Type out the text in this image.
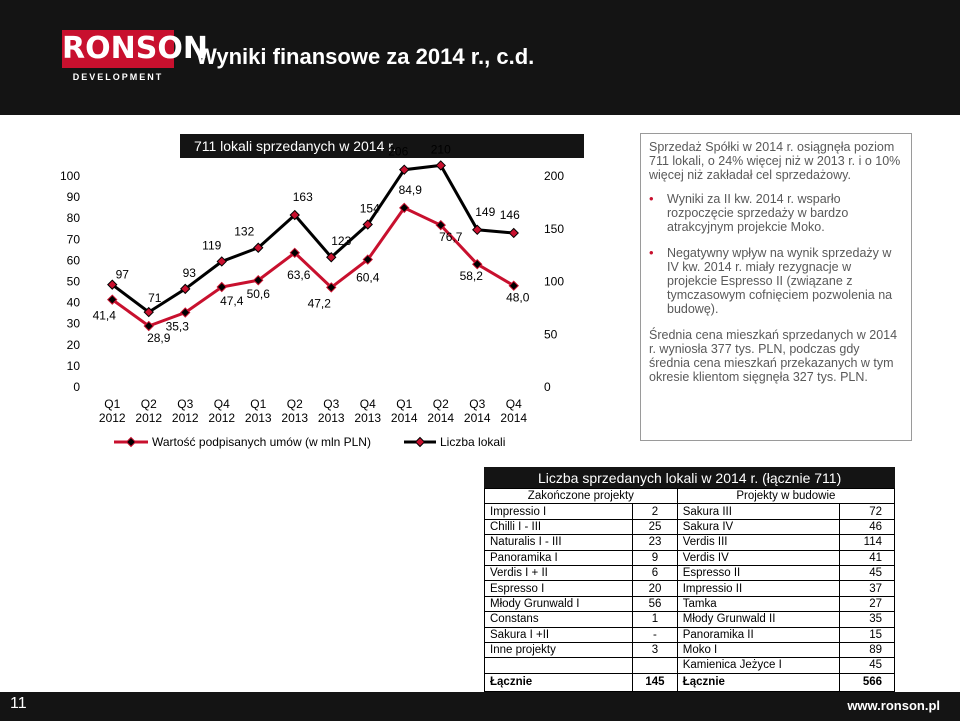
RONSON
DEVELOPMENT
Wyniki finansowe za 2014 r., c.d.
711 lokali sprzedanych w 2014 r.
0
10
20
30
40
50
60
70
80
90
100
0
50
100
150
200
Q1
2012
Q2
2012
Q3
2012
Q4
2012
Q1
2013
Q2
2013
Q3
2013
Q4
2013
Q1
2014
Q2
2014
Q3
2014
Q4
2014
41,4
28,9
35,3
47,4 50,6
63,6
47,2
60,4
84,9
76,7
58,2
48,0
97
71
93
119
132
163
123
154
206 210
149 146
Wartość podpisanych umów (w mln PLN)	Liczba lokali

Sprzedaż Spółki w 2014 r. osiągnęła poziom 711 lokali, o 24% więcej niż w 2013 r. i o 10% więcej niż zakładał cel sprzedażowy.

• Wyniki za II kw. 2014 r. wsparło rozpoczęcie sprzedaży w bardzo atrakcyjnym projekcie Moko.
• Negatywny wpływ na wynik sprzedaży w IV kw. 2014 r. miały rezygnacje w projekcie Espresso II (związane z tymczasowym cofnięciem pozwolenia na budowę).

Średnia cena mieszkań sprzedanych w 2014 r. wyniosła 377 tys. PLN, podczas gdy średnia cena mieszkań przekazanych w tym okresie klientom sięgnęła 327 tys. PLN.

Liczba sprzedanych lokali w 2014 r. (łącznie 711)
Zakończone projekty		Projekty w budowie	
Impressio I	2	Sakura III	72
Chilli I - III	25	Sakura IV	46
Naturalis I - III	23	Verdis III	114
Panoramika I	9	Verdis IV	41
Verdis I + II	6	Espresso II	45
Espresso I	20	Impressio II	37
Młody Grunwald I	56	Tamka	27
Constans	1	Młody Grunwald II	35
Sakura I +II	-	Panoramika II	15
Inne projekty	3	Moko I	89
		Kamienica Jeżyce I	45
Łącznie	145	Łącznie	566
11	www.ronson.pl
